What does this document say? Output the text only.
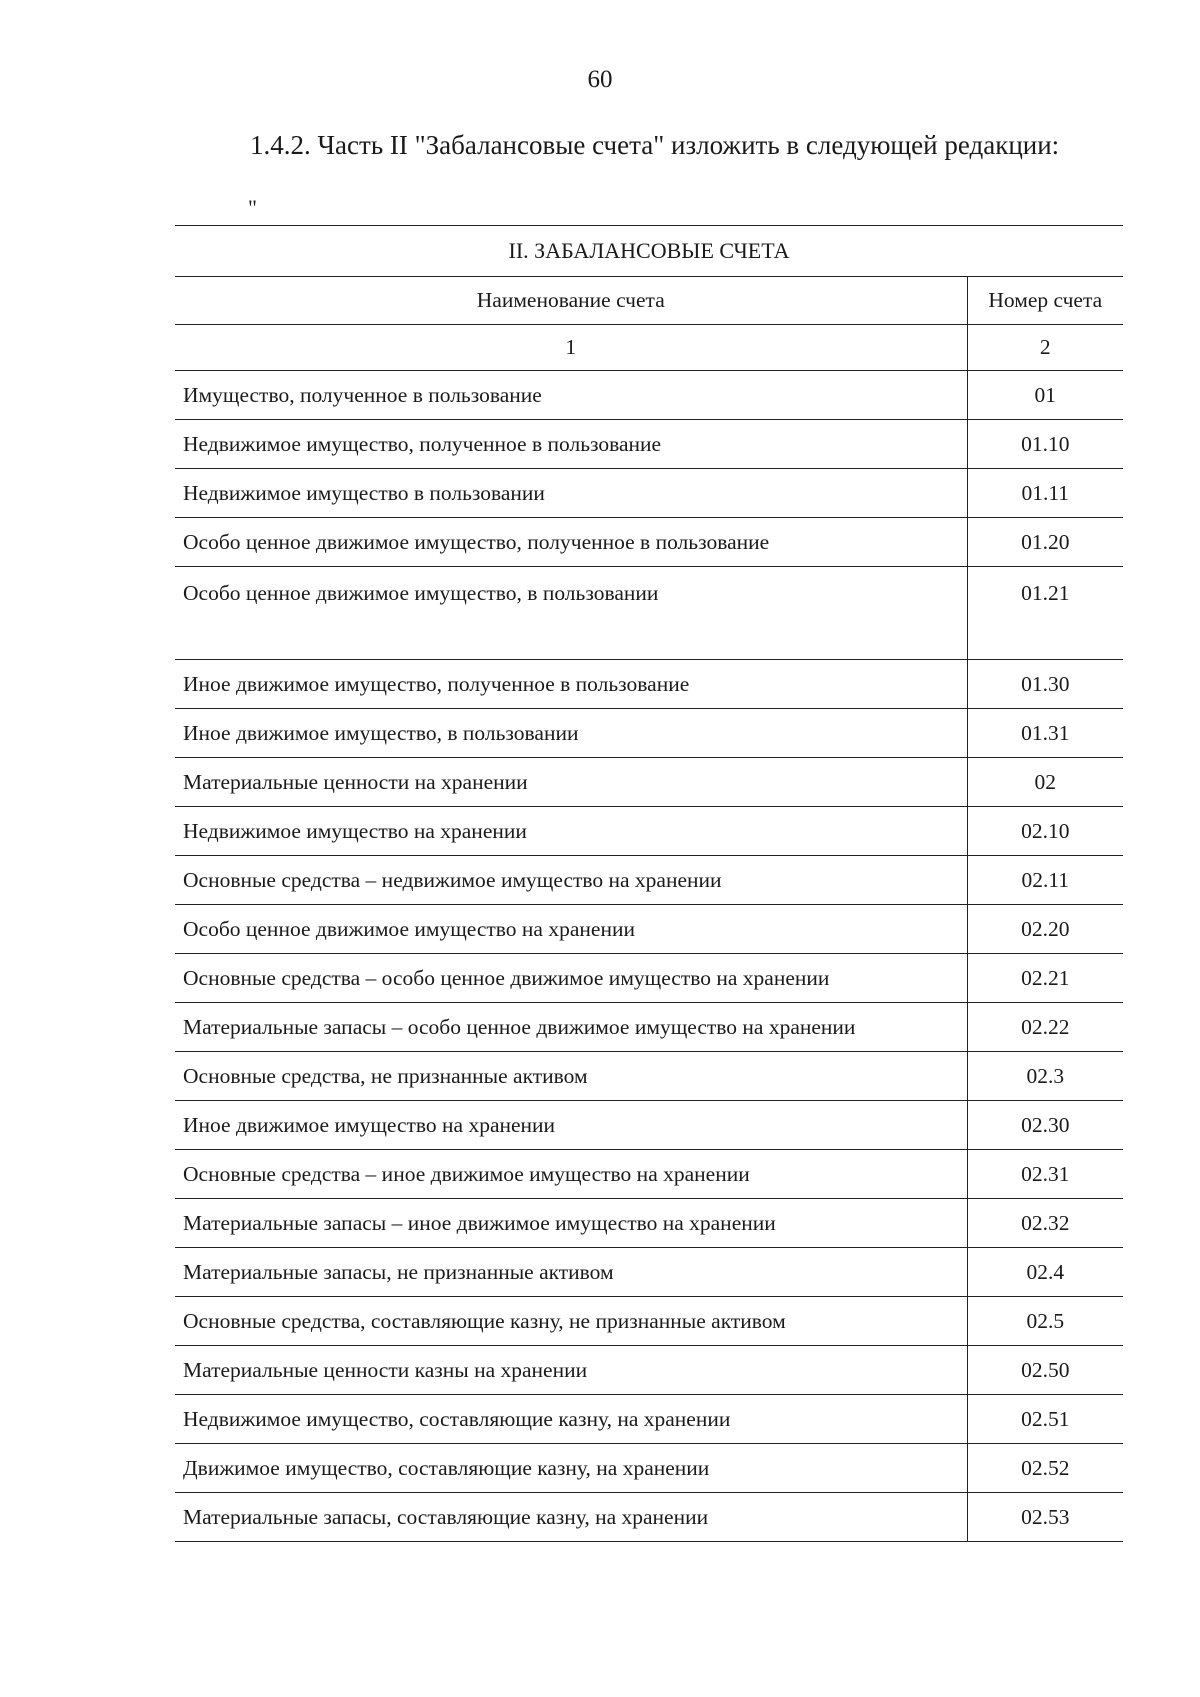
60
1.4.2. Часть II "Забалансовые счета" изложить в следующей редакции:
"
II. ЗАБАЛАНСОВЫЕ СЧЕТА	
Наименование счета	Номер счета
1	2
Имущество, полученное в пользование	01
Недвижимое имущество, полученное в пользование	01.10
Недвижимое имущество в пользовании	01.11
Особо ценное движимое имущество, полученное в пользование	01.20
Особо ценное движимое имущество, в пользовании	01.21
Иное движимое имущество, полученное в пользование	01.30
Иное движимое имущество, в пользовании	01.31
Материальные ценности на хранении	02
Недвижимое имущество на хранении	02.10
Основные средства – недвижимое имущество на хранении	02.11
Особо ценное движимое имущество на хранении	02.20
Основные средства – особо ценное движимое имущество на хранении	02.21
Материальные запасы – особо ценное движимое имущество на хранении	02.22
Основные средства, не признанные активом	02.3
Иное движимое имущество на хранении	02.30
Основные средства – иное движимое имущество на хранении	02.31
Материальные запасы – иное движимое имущество на хранении	02.32
Материальные запасы, не признанные активом	02.4
Основные средства, составляющие казну, не признанные активом	02.5
Материальные ценности казны на хранении	02.50
Недвижимое имущество, составляющие казну, на хранении	02.51
Движимое имущество, составляющие казну, на хранении	02.52
Материальные запасы, составляющие казну, на хранении	02.53
